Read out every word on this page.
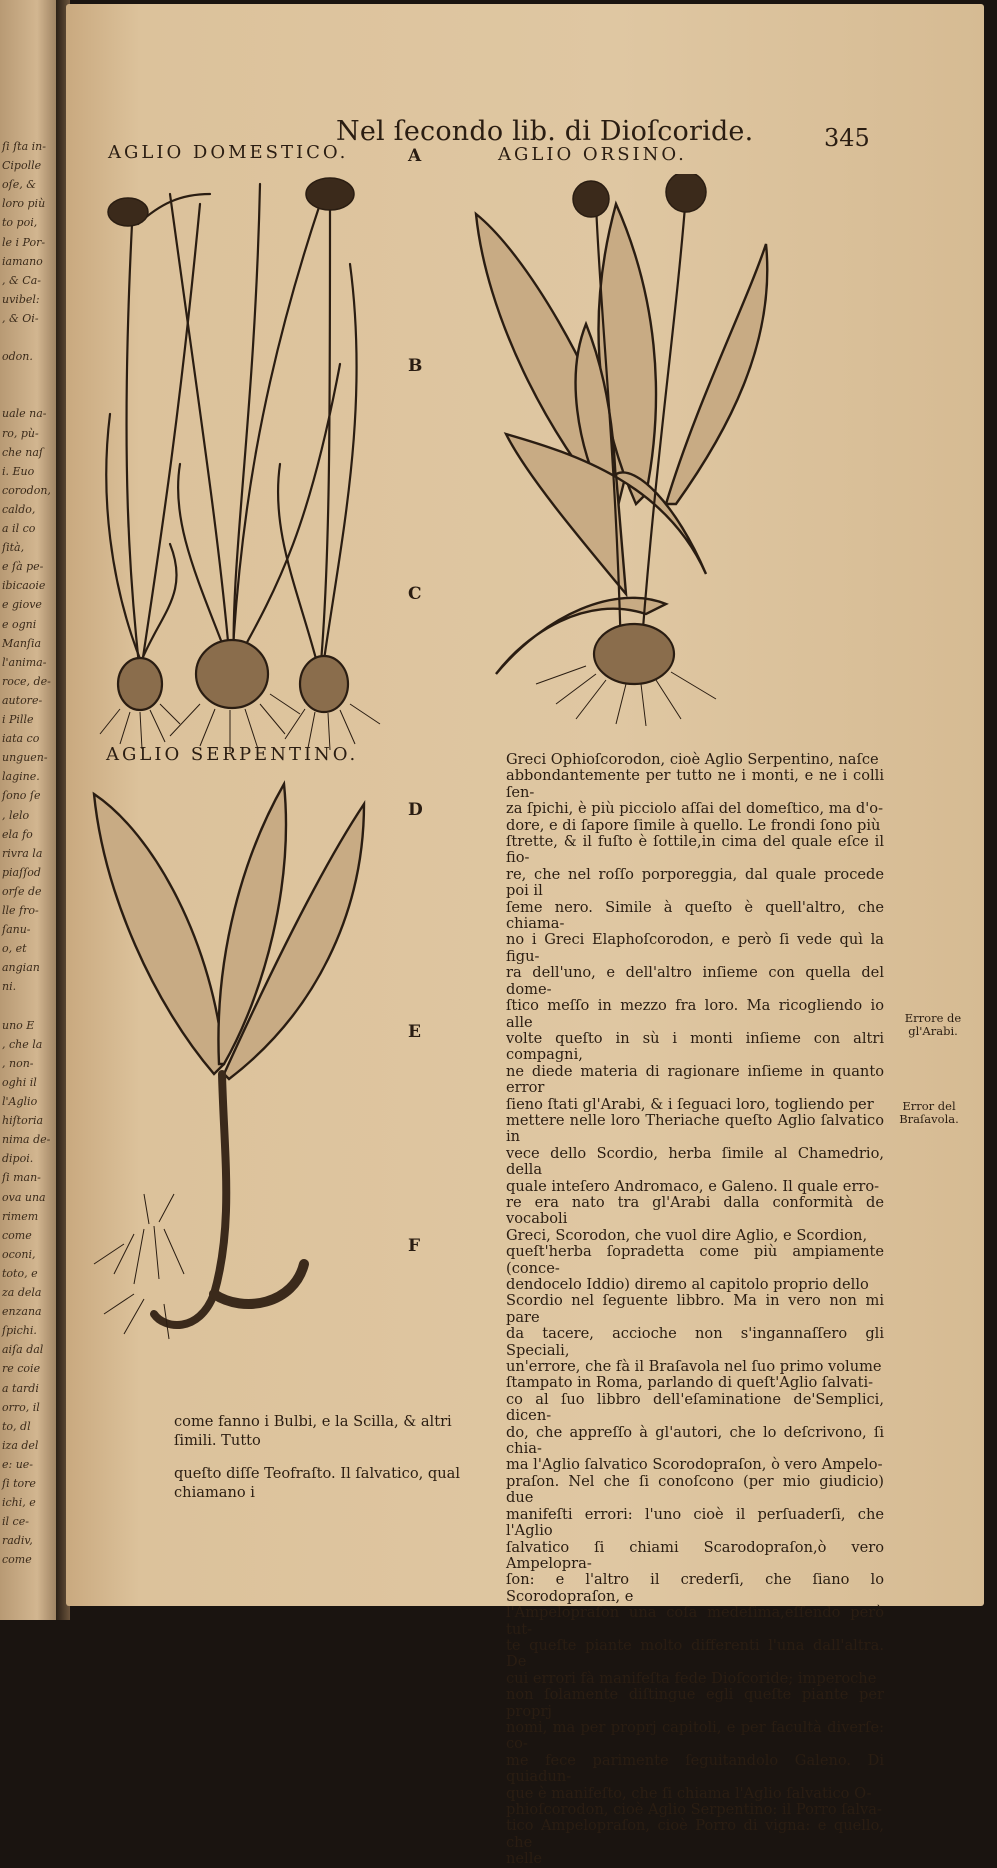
ſi ſta in-
Cipolle
oſe, &
loro più
to poi,
le i Por-
iamano
, & Ca-
uvibel:
, & Oi-
odon.
uale na-
ro, pù-
che naſ
i. Euo
corodon,
caldo,
a il co
ſità,
e ſà pe-
ibicaoie
e giove
e ogni
Manſia
l'anima-
roce, de-
autore-
i Pille
iata co
unguen-
lagine.
ſono ſe
, lelo
ela fo
rivra la
piaſſod
orſe de
lle fro-
ſanu-
o, et
angian
ni.
uno E
, che la
, non-
oghi il
l'Aglio
hiſtoria
nima de-
dipoi.
ſi man-
ova una
rimem
come
oconi,
toto, e
za dela
enzana
ſpichi.
aiſa dal
re coie
a tardi
orro, il
to, dl
iza del
e: ue-
ſi tore
ichi, e
il ce-
radiv,
come
Nel ſecondo lib. di Dioſcoride.	345
AGLIO DOMESTICO.	AGLIO ORSINO.
AGLIO SERPENTINO.
A
B
C
D
E
F

Greci Ophioſcorodon, cioè Aglio Serpentino, naſce

abbondantemente per tutto ne i monti, e ne i colli ſen-

za ſpichi, è più picciolo aſſai del domeſtico, ma d'o-

dore, e di ſapore ſimile à quello. Le frondi ſono più

ſtrette, & il fuſto è ſottile,in cima del quale eſce il fio-

re, che nel roſſo porporeggia, dal quale procede poi il

ſeme nero. Simile à queſto è quell'altro, che chiama-

no i Greci Elaphoſcorodon, e però ſi vede quì la figu-

ra dell'uno, e dell'altro inſieme con quella del dome-

ſtico meſſo in mezzo fra loro. Ma ricogliendo io alle

volte queſto in sù i monti inſieme con altri compagni,

ne diede materia di ragionare inſieme in quanto error

ſieno ſtati gl'Arabi, & i ſeguaci loro, togliendo per

mettere nelle loro Theriache queſto Aglio ſalvatico in

vece dello Scordio, herba ſimile al Chamedrio, della

quale inteſero Andromaco, e Galeno. Il quale erro-

re era nato tra gl'Arabi dalla conformità de vocaboli

Greci, Scorodon, che vuol dire Aglio, e Scordion,

queſt'herba ſopradetta come più ampiamente (conce-

dendocelo Iddio) diremo al capitolo proprio dello

Scordio nel ſeguente libbro. Ma in vero non mi pare

da tacere, accioche non s'ingannaſſero gli Speciali,

un'errore, che fà il Braſavola nel ſuo primo volume

ſtampato in Roma, parlando di queſt'Aglio ſalvati-

co al ſuo libbro dell'eſaminatione de'Semplici, dicen-

do, che appreſſo à gl'autori, che lo deſcrivono, ſi chia-

ma l'Aglio ſalvatico Scorodopraſon, ò vero Ampelo-

praſon. Nel che ſi conoſcono (per mio giudicio) due

manifeſti errori: l'uno cioè il perſuaderſi, che l'Aglio

ſalvatico ſi chiami Scarodopraſon,ò vero Ampelopra-

ſon: e l'altro il crederſi, che ſiano lo Scorodopraſon, e

l'Ampelopraſon una coſa medeſima,eſſendo però tut-

te queſte piante molto differenti l'una dall'altra. De

cui errori fà manifeſta fede Dioſcoride; imperoche

non ſolamente diſtingue egli queſte piante per proprj

nomi, ma per proprj capitoli, e per facultà diverſe: co-

me fece parimente ſeguitandolo Galeno. Di quiadun-

que è manifeſto, che ſi chiama l'Aglio ſalvatico O-

phioſcorodon, cioè Aglio Serpentino: il Porro ſalva-

tico Ampelopraſon, cioè Porro di vigna: e quello, che

nelle

come fanno i Bulbi, e la Scilla, & altri ſimili. Tutto

queſto diſſe Teofraſto. Il ſalvatico, qual chiamano i

Errore de
gl'Arabi.
Error del
Braſavola.
